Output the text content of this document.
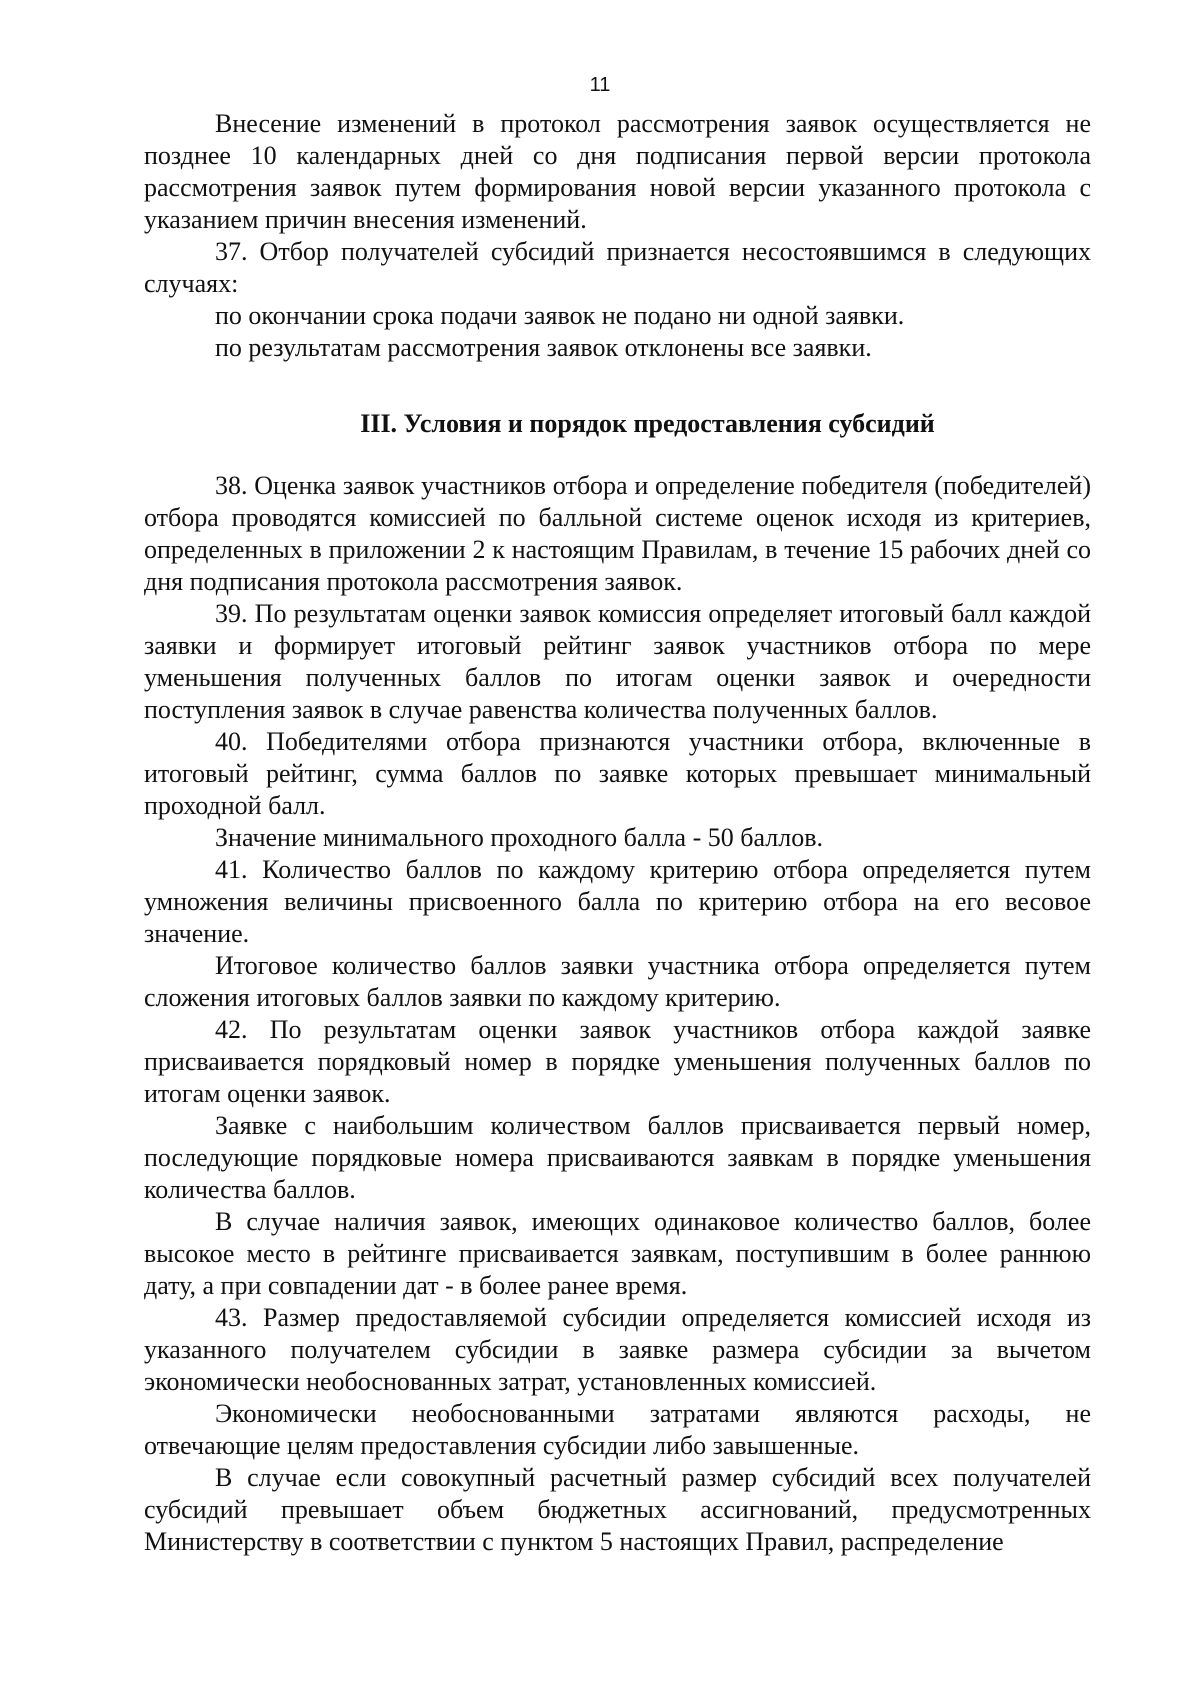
11

Внесение изменений в протокол рассмотрения заявок осуществляется не позднее 10 календарных дней со дня подписания первой версии протокола рассмотрения заявок путем формирования новой версии указанного протокола с указанием причин внесения изменений.

37. Отбор получателей субсидий признается несостоявшимся в следующих случаях:

по окончании срока подачи заявок не подано ни одной заявки.

по результатам рассмотрения заявок отклонены все заявки.

III. Условия и порядок предоставления субсидий

38. Оценка заявок участников отбора и определение победителя (победителей) отбора проводятся комиссией по балльной системе оценок исходя из критериев, определенных в приложении 2 к настоящим Правилам, в течение 15 рабочих дней со дня подписания протокола рассмотрения заявок.

39. По результатам оценки заявок комиссия определяет итоговый балл каждой заявки и формирует итоговый рейтинг заявок участников отбора по мере уменьшения полученных баллов по итогам оценки заявок и очередности поступления заявок в случае равенства количества полученных баллов.

40. Победителями отбора признаются участники отбора, включенные в итоговый рейтинг, сумма баллов по заявке которых превышает минимальный проходной балл.

Значение минимального проходного балла - 50 баллов.

41. Количество баллов по каждому критерию отбора определяется путем умножения величины присвоенного балла по критерию отбора на его весовое значение.

Итоговое количество баллов заявки участника отбора определяется путем сложения итоговых баллов заявки по каждому критерию.

42. По результатам оценки заявок участников отбора каждой заявке присваивается порядковый номер в порядке уменьшения полученных баллов по итогам оценки заявок.

Заявке с наибольшим количеством баллов присваивается первый номер, последующие порядковые номера присваиваются заявкам в порядке уменьшения количества баллов.

В случае наличия заявок, имеющих одинаковое количество баллов, более высокое место в рейтинге присваивается заявкам, поступившим в более раннюю дату, а при совпадении дат - в более ранее время.

43. Размер предоставляемой субсидии определяется комиссией исходя из указанного получателем субсидии в заявке размера субсидии за вычетом экономически необоснованных затрат, установленных комиссией.

Экономически необоснованными затратами являются расходы, не отвечающие целям предоставления субсидии либо завышенные.

В случае если совокупный расчетный размер субсидий всех получателей субсидий превышает объем бюджетных ассигнований, предусмотренных Министерству в соответствии с пунктом 5 настоящих Правил, распределение
